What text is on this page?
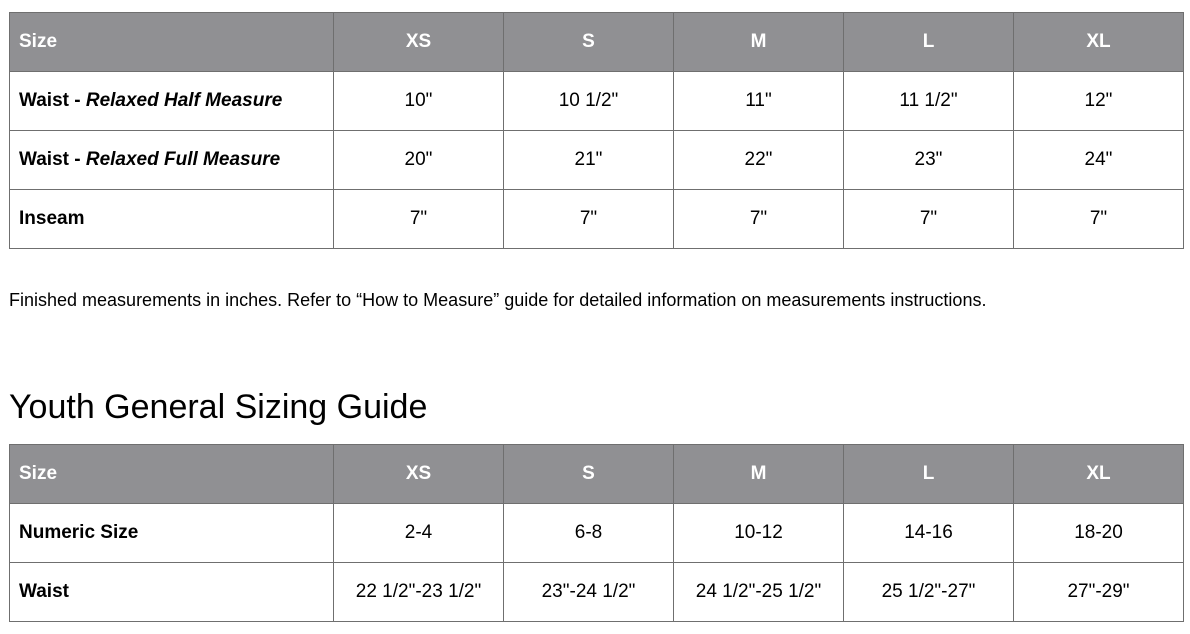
Size	XS	S	M	L	XL
Waist - Relaxed Half Measure	10"	10 1/2"	11"	11 1/2"	12"
Waist - Relaxed Full Measure	20"	21"	22"	23"	24"
Inseam	7"	7"	7"	7"	7"

Finished measurements in inches. Refer to “How to Measure” guide for detailed information on measurements instructions.

Youth General Sizing Guide
Size	XS	S	M	L	XL
Numeric Size	2-4	6-8	10-12	14-16	18-20
Waist	22 1/2"-23 1/2"	23"-24 1/2"	24 1/2"-25 1/2"	25 1/2"-27"	27"-29"
